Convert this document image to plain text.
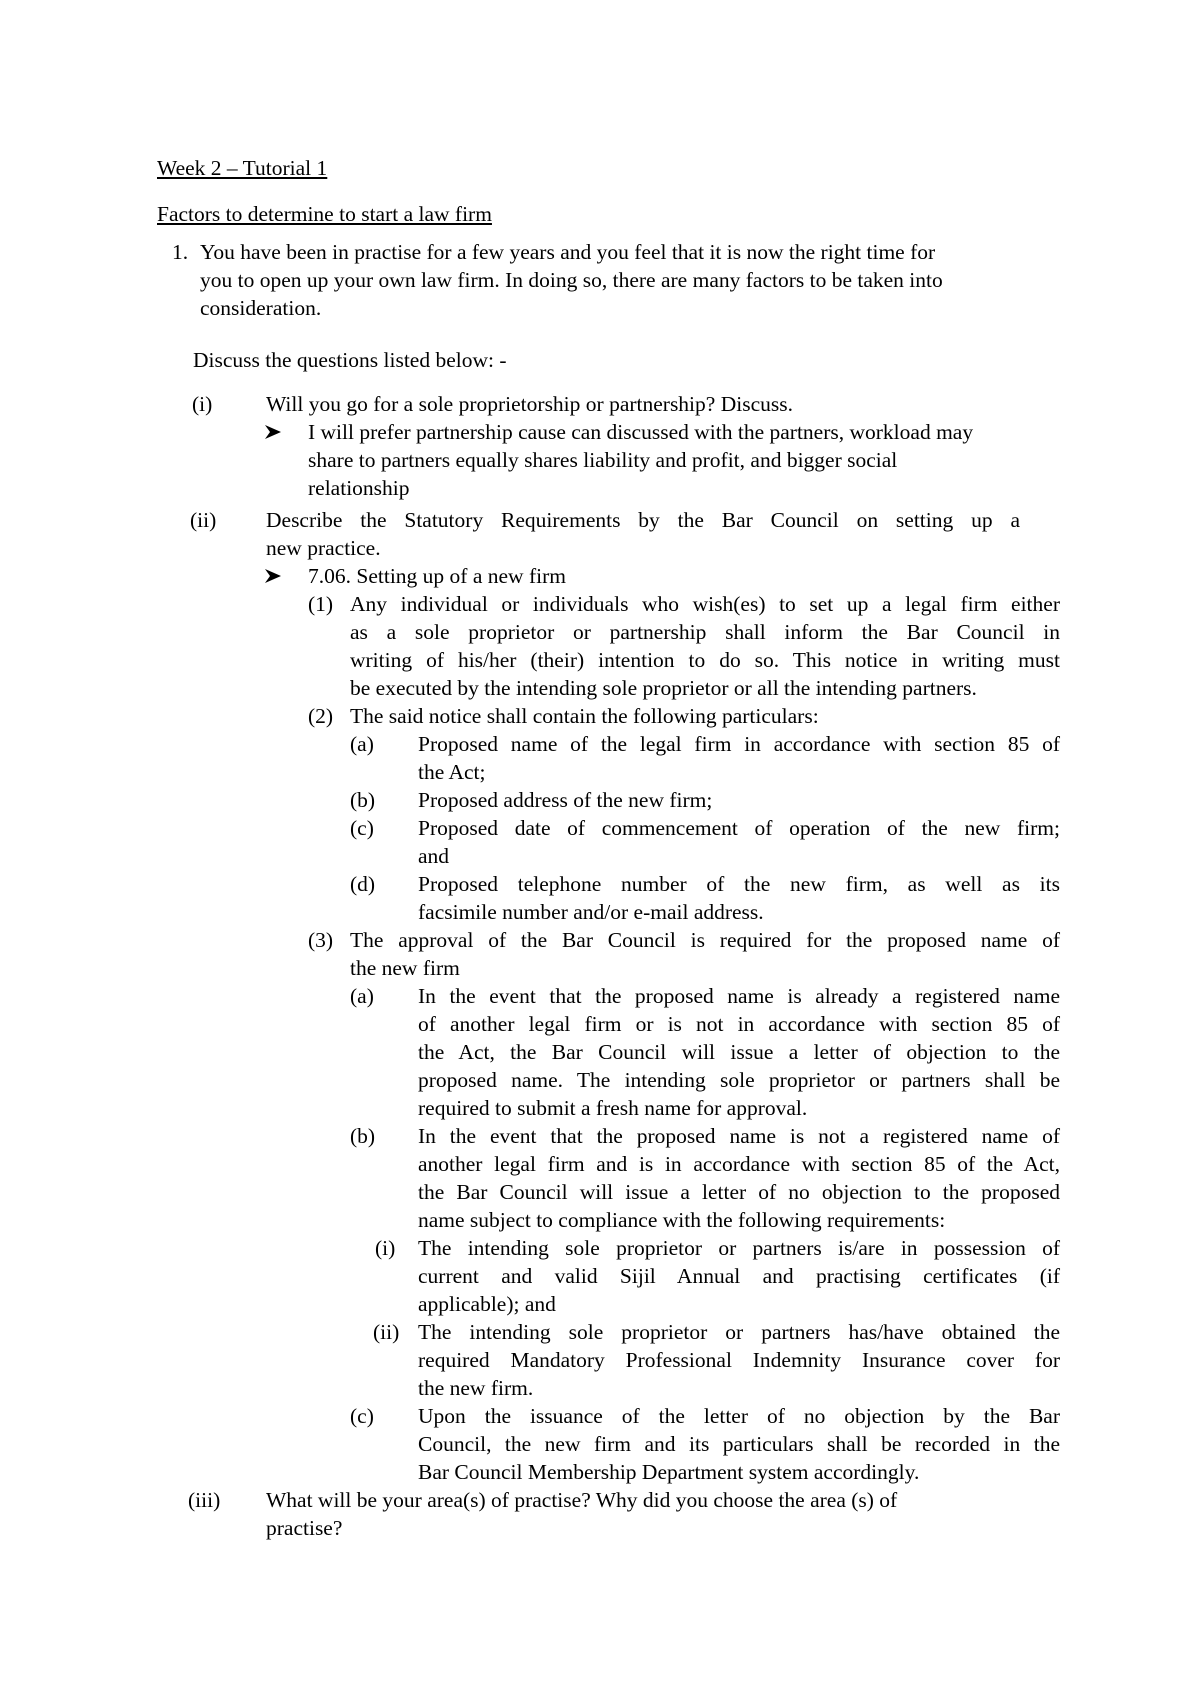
Week 2 – Tutorial 1
Factors to determine to start a law firm
1. You have been in practise for a few years and you feel that it is now the right time for
you to open up your own law firm. In doing so, there are many factors to be taken into
consideration.
Discuss the questions listed below: -
(i) Will you go for a sole proprietorship or partnership? Discuss.
I will prefer partnership cause can discussed with the partners, workload may
share to partners equally shares liability and profit, and bigger social
relationship
(ii) Describe the Statutory Requirements by the Bar Council on setting up a
new practice.
7.06. Setting up of a new firm
(1) Any individual or individuals who wish(es) to set up a legal firm either
as a sole proprietor or partnership shall inform the Bar Council in
writing of his/her (their) intention to do so. This notice in writing must
be executed by the intending sole proprietor or all the intending partners.
(2) The said notice shall contain the following particulars:
(a) Proposed name of the legal firm in accordance with section 85 of
the Act;
(b) Proposed address of the new firm;
(c) Proposed date of commencement of operation of the new firm;
and
(d) Proposed telephone number of the new firm, as well as its
facsimile number and/or e-mail address.
(3) The approval of the Bar Council is required for the proposed name of
the new firm
(a) In the event that the proposed name is already a registered name
of another legal firm or is not in accordance with section 85 of
the Act, the Bar Council will issue a letter of objection to the
proposed name. The intending sole proprietor or partners shall be
required to submit a fresh name for approval.
(b) In the event that the proposed name is not a registered name of
another legal firm and is in accordance with section 85 of the Act,
the Bar Council will issue a letter of no objection to the proposed
name subject to compliance with the following requirements:
(i) The intending sole proprietor or partners is/are in possession of
current and valid Sijil Annual and practising certificates (if
applicable); and
(ii) The intending sole proprietor or partners has/have obtained the
required Mandatory Professional Indemnity Insurance cover for
the new firm.
(c) Upon the issuance of the letter of no objection by the Bar
Council, the new firm and its particulars shall be recorded in the
Bar Council Membership Department system accordingly.
(iii) What will be your area(s) of practise? Why did you choose the area (s) of
practise?
